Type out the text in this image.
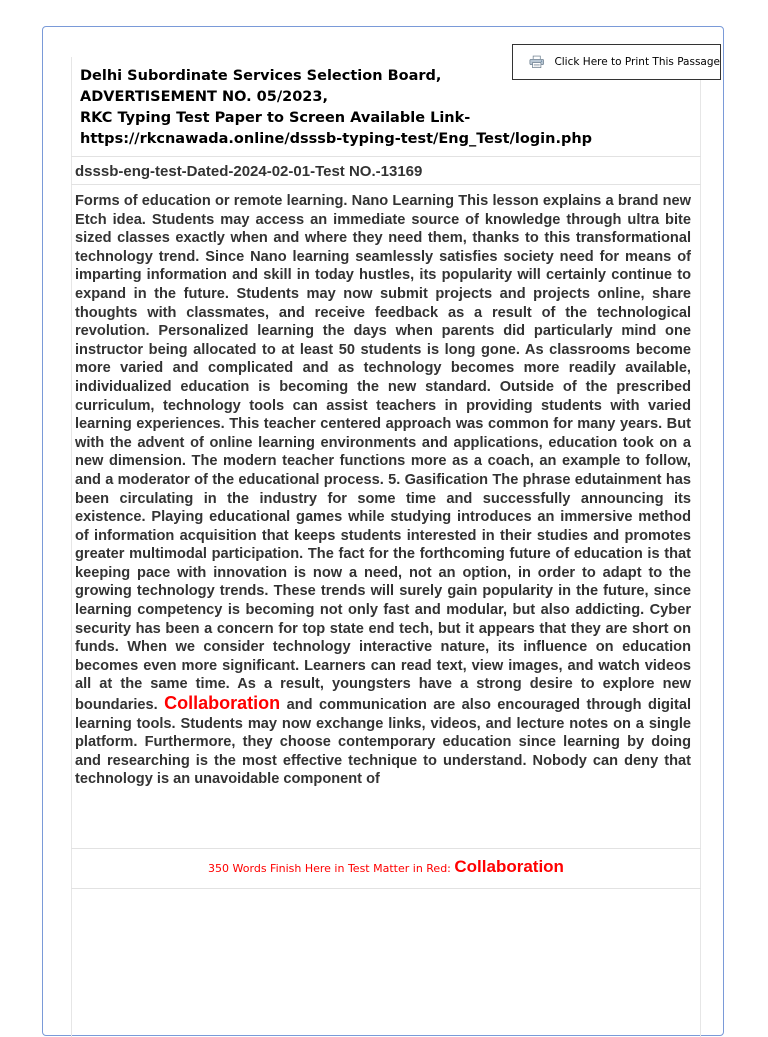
Click Here to Print This Passage
Delhi Subordinate Services Selection Board,
ADVERTISEMENT NO. 05/2023,
RKC Typing Test Paper to Screen Available Link-
https://rkcnawada.online/dsssb-typing-test/Eng_Test/login.php
dsssb-eng-test-Dated-2024-02-01-Test NO.-13169

Forms of education or remote learning. Nano Learning This lesson explains a brand new Etch idea. Students may access an immediate source of knowledge through ultra bite sized classes exactly when and where they need them, thanks to this transformational technology trend. Since Nano learning seamlessly satisfies society need for means of imparting information and skill in today hustles, its popularity will certainly continue to expand in the future. Students may now submit projects and projects online, share thoughts with classmates, and receive feedback as a result of the technological revolution. Personalized learning the days when parents did particularly mind one instructor being allocated to at least 50 students is long gone. As classrooms become more varied and complicated and as technology becomes more readily available, individualized education is becoming the new standard. Outside of the prescribed curriculum, technology tools can assist teachers in providing students with varied learning experiences. This teacher centered approach was common for many years. But with the advent of online learning environments and applications, education took on a new dimension. The modern teacher functions more as a coach, an example to follow, and a moderator of the educational process. 5. Gasification The phrase edutainment has been circulating in the industry for some time and successfully announcing its existence. Playing educational games while studying introduces an immersive method of information acquisition that keeps students interested in their studies and promotes greater multimodal participation. The fact for the forthcoming future of education is that keeping pace with innovation is now a need, not an option, in order to adapt to the growing technology trends. These trends will surely gain popularity in the future, since learning competency is becoming not only fast and modular, but also addicting. Cyber security has been a concern for top state end tech, but it appears that they are short on funds. When we consider technology interactive nature, its influence on education becomes even more significant. Learners can read text, view images, and watch videos all at the same time. As a result, youngsters have a strong desire to explore new boundaries. Collaboration and communication are also encouraged through digital learning tools. Students may now exchange links, videos, and lecture notes on a single platform. Furthermore, they choose contemporary education since learning by doing and researching is the most effective technique to understand. Nobody can deny that technology is an unavoidable component of

350 Words Finish Here in Test Matter in Red: Collaboration
